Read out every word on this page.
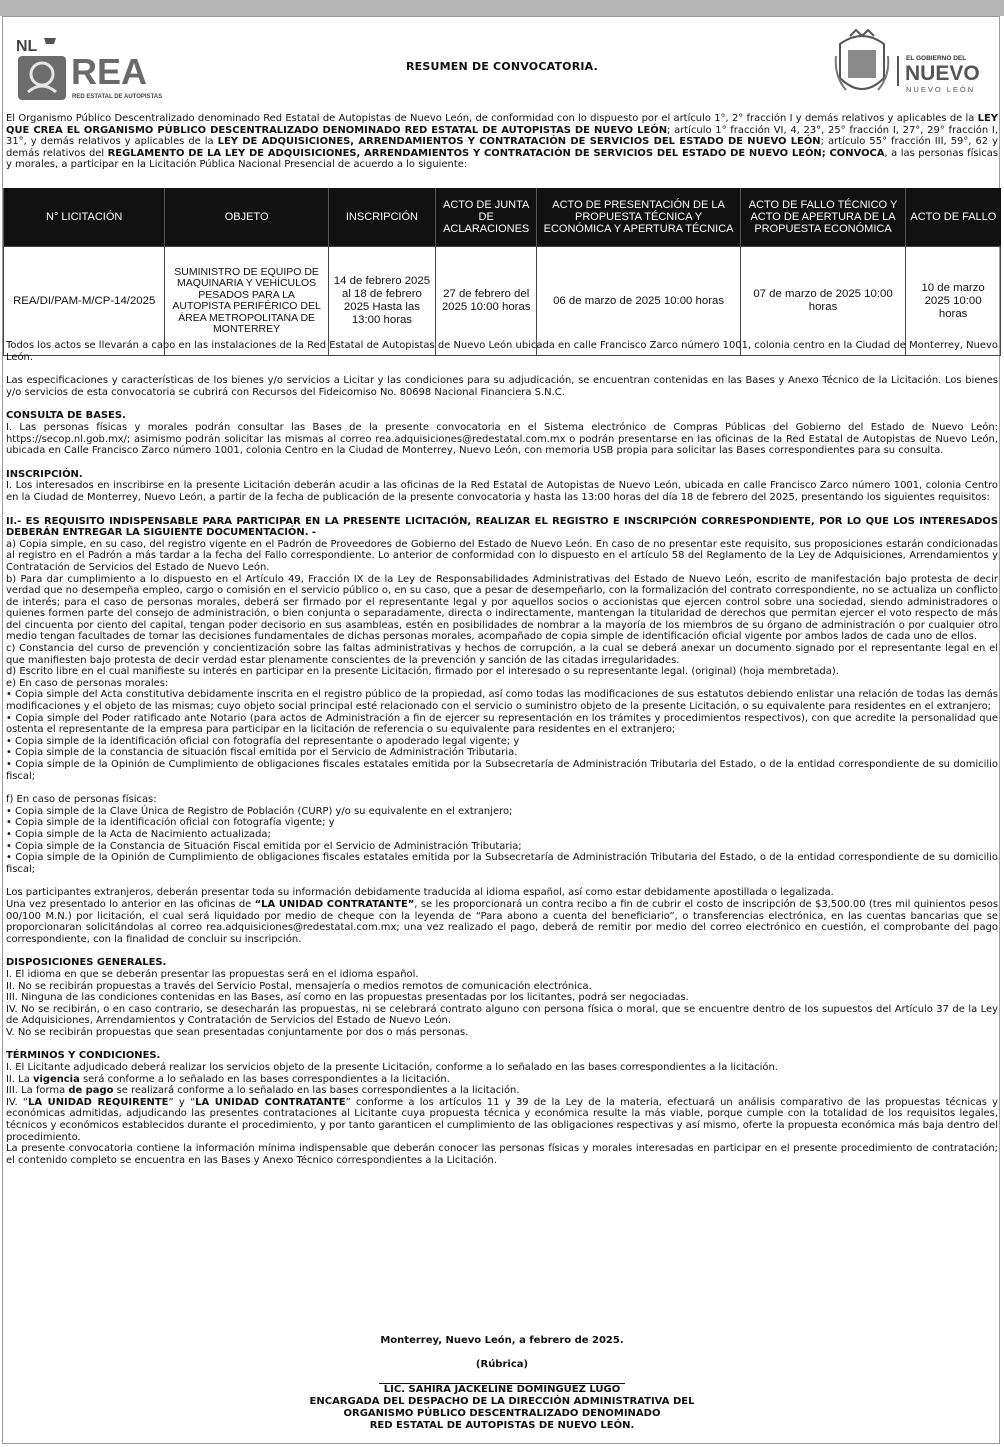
NL
REA
RED ESTATAL DE AUTOPISTAS
RESUMEN DE CONVOCATORIA.
EL GOBIERNO DEL
NUEVO
NUEVO LEÓN

El Organismo Público Descentralizado denominado Red Estatal de Autopistas de Nuevo León, de conformidad con lo dispuesto por el artículo 1°, 2° fracción I y demás relativos y aplicables de la LEY QUE CREA EL ORGANISMO PÚBLICO DESCENTRALIZADO DENOMINADO RED ESTATAL DE AUTOPISTAS DE NUEVO LEÓN; artículo 1° fracción VI, 4, 23°, 25° fracción I, 27°, 29° fracción I, 31°, y demás relativos y aplicables de la LEY DE ADQUISICIONES, ARRENDAMIENTOS Y CONTRATACIÓN DE SERVICIOS DEL ESTADO DE NUEVO LEÓN; artículo 55° fracción III, 59°, 62 y demás relativos del REGLAMENTO DE LA LEY DE ADQUISICIONES, ARRENDAMIENTOS Y CONTRATACIÓN DE SERVICIOS DEL ESTADO DE NUEVO LEÓN; CONVOCA, a las personas físicas y morales, a participar en la Licitación Pública Nacional Presencial de acuerdo a lo siguiente:

N° LICITACIÓN	OBJETO	INSCRIPCIÓN	ACTO DE JUNTA DE ACLARACIONES	ACTO DE PRESENTACIÓN DE LA PROPUESTA TÉCNICA Y ECONÓMICA Y APERTURA TÉCNICA	ACTO DE FALLO TÉCNICO Y ACTO DE APERTURA DE LA PROPUESTA ECONÓMICA	ACTO DE FALLO
REA/DI/PAM-M/CP-14/2025	SUMINISTRO DE EQUIPO DE MAQUINARIA Y VEHÍCULOS PESADOS PARA LA AUTOPISTA PERIFÉRICO DEL ÁREA METROPOLITANA DE MONTERREY	14 de febrero 2025 al 18 de febrero 2025 Hasta las 13:00 horas	27 de febrero del 2025 10:00 horas	06 de marzo de 2025 10:00 horas	07 de marzo de 2025 10:00 horas	10 de marzo 2025 10:00 horas

Todos los actos se llevarán a cabo en las instalaciones de la Red Estatal de Autopistas de Nuevo León ubicada en calle Francisco Zarco número 1001, colonia centro en la Ciudad de Monterrey, Nuevo León.

Las especificaciones y características de los bienes y/o servicios a Licitar y las condiciones para su adjudicación, se encuentran contenidas en las Bases y Anexo Técnico de la Licitación. Los bienes y/o servicios de esta convocatoria se cubrirá con Recursos del Fideicomiso No. 80698 Nacional Financiera S.N.C.

CONSULTA DE BASES.

I. Las personas físicas y morales podrán consultar las Bases de la presente convocatoria en el Sistema electrónico de Compras Públicas del Gobierno del Estado de Nuevo León: https://secop.nl.gob.mx/; asimismo podrán solicitar las mismas al correo rea.adquisiciones@redestatal.com.mx o podrán presentarse en las oficinas de la Red Estatal de Autopistas de Nuevo León, ubicada en Calle Francisco Zarco número 1001, colonia Centro en la Ciudad de Monterrey, Nuevo León, con memoria USB propia para solicitar las Bases correspondientes para su consulta.

INSCRIPCIÓN.

I. Los interesados en inscribirse en la presente Licitación deberán acudir a las oficinas de la Red Estatal de Autopistas de Nuevo León, ubicada en calle Francisco Zarco número 1001, colonia Centro en la Ciudad de Monterrey, Nuevo León, a partir de la fecha de publicación de la presente convocatoria y hasta las 13:00 horas del día 18 de febrero del 2025, presentando los siguientes requisitos:

II.- ES REQUISITO INDISPENSABLE PARA PARTICIPAR EN LA PRESENTE LICITACIÓN, REALIZAR EL REGISTRO E INSCRIPCIÓN CORRESPONDIENTE, POR LO QUE LOS INTERESADOS DEBERÁN ENTREGAR LA SIGUIENTE DOCUMENTACIÓN. -

a) Copia simple, en su caso, del registro vigente en el Padrón de Proveedores de Gobierno del Estado de Nuevo León. En caso de no presentar este requisito, sus proposiciones estarán condicionadas al registro en el Padrón a más tardar a la fecha del Fallo correspondiente. Lo anterior de conformidad con lo dispuesto en el artículo 58 del Reglamento de la Ley de Adquisiciones, Arrendamientos y Contratación de Servicios del Estado de Nuevo León.

b) Para dar cumplimiento a lo dispuesto en el Artículo 49, Fracción IX de la Ley de Responsabilidades Administrativas del Estado de Nuevo León, escrito de manifestación bajo protesta de decir verdad que no desempeña empleo, cargo o comisión en el servicio público o, en su caso, que a pesar de desempeñarlo, con la formalización del contrato correspondiente, no se actualiza un conflicto de interés; para el caso de personas morales, deberá ser firmado por el representante legal y por aquellos socios o accionistas que ejercen control sobre una sociedad, siendo administradores o quienes formen parte del consejo de administración, o bien conjunta o separadamente, directa o indirectamente, mantengan la titularidad de derechos que permitan ejercer el voto respecto de más del cincuenta por ciento del capital, tengan poder decisorio en sus asambleas, estén en posibilidades de nombrar a la mayoría de los miembros de su órgano de administración o por cualquier otro medio tengan facultades de tomar las decisiones fundamentales de dichas personas morales, acompañado de copia simple de identificación oficial vigente por ambos lados de cada uno de ellos.

c) Constancia del curso de prevención y concientización sobre las faltas administrativas y hechos de corrupción, a la cual se deberá anexar un documento signado por el representante legal en el que manifiesten bajo protesta de decir verdad estar plenamente conscientes de la prevención y sanción de las citadas irregularidades.

d) Escrito libre en el cual manifieste su interés en participar en la presente Licitación, firmado por el interesado o su representante legal. (original) (hoja membretada).

e) En caso de personas morales:

• Copia simple del Acta constitutiva debidamente inscrita en el registro público de la propiedad, así como todas las modificaciones de sus estatutos debiendo enlistar una relación de todas las demás modificaciones y el objeto de las mismas; cuyo objeto social principal esté relacionado con el servicio o suministro objeto de la presente Licitación, o su equivalente para residentes en el extranjero;

• Copia simple del Poder ratificado ante Notario (para actos de Administración a fin de ejercer su representación en los trámites y procedimientos respectivos), con que acredite la personalidad que ostenta el representante de la empresa para participar en la licitación de referencia o su equivalente para residentes en el extranjero;

• Copia simple de la identificación oficial con fotografía del representante o apoderado legal vigente; y

• Copia simple de la constancia de situación fiscal emitida por el Servicio de Administración Tributaria.

• Copia simple de la Opinión de Cumplimiento de obligaciones fiscales estatales emitida por la Subsecretaría de Administración Tributaria del Estado, o de la entidad correspondiente de su domicilio fiscal;

f) En caso de personas físicas:

• Copia simple de la Clave Única de Registro de Población (CURP) y/o su equivalente en el extranjero;

• Copia simple de la identificación oficial con fotografía vigente; y

• Copia simple de la Acta de Nacimiento actualizada;

• Copia simple de la Constancia de Situación Fiscal emitida por el Servicio de Administración Tributaria;

• Copia simple de la Opinión de Cumplimiento de obligaciones fiscales estatales emitida por la Subsecretaría de Administración Tributaria del Estado, o de la entidad correspondiente de su domicilio fiscal;

Los participantes extranjeros, deberán presentar toda su información debidamente traducida al idioma español, así como estar debidamente apostillada o legalizada.

Una vez presentado lo anterior en las oficinas de “LA UNIDAD CONTRATANTE”, se les proporcionará un contra recibo a fin de cubrir el costo de inscripción de $3,500.00 (tres mil quinientos pesos 00/100 M.N.) por licitación, el cual será liquidado por medio de cheque con la leyenda de “Para abono a cuenta del beneficiario”, o transferencias electrónica, en las cuentas bancarias que se proporcionaran solicitándolas al correo rea.adquisiciones@redestatal.com.mx; una vez realizado el pago, deberá de remitir por medio del correo electrónico en cuestión, el comprobante del pago correspondiente, con la finalidad de concluir su inscripción.

DISPOSICIONES GENERALES.

I. El idioma en que se deberán presentar las propuestas será en el idioma español.

II. No se recibirán propuestas a través del Servicio Postal, mensajería o medios remotos de comunicación electrónica.

III. Ninguna de las condiciones contenidas en las Bases, así como en las propuestas presentadas por los licitantes, podrá ser negociadas.

IV. No se recibirán, o en caso contrario, se desecharán las propuestas, ni se celebrará contrato alguno con persona física o moral, que se encuentre dentro de los supuestos del Artículo 37 de la Ley de Adquisiciones, Arrendamientos y Contratación de Servicios del Estado de Nuevo León.

V. No se recibirán propuestas que sean presentadas conjuntamente por dos o más personas.

TÉRMINOS Y CONDICIONES.

I. El Licitante adjudicado deberá realizar los servicios objeto de la presente Licitación, conforme a lo señalado en las bases correspondientes a la licitación.

II. La vigencia será conforme a lo señalado en las bases correspondientes a la licitación.

III. La forma de pago se realizará conforme a lo señalado en las bases correspondientes a la licitación.

IV. “LA UNIDAD REQUIRENTE” y “LA UNIDAD CONTRATANTE” conforme a los artículos 11 y 39 de la Ley de la materia, efectuará un análisis comparativo de las propuestas técnicas y económicas admitidas, adjudicando las presentes contrataciones al Licitante cuya propuesta técnica y económica resulte la más viable, porque cumple con la totalidad de los requisitos legales, técnicos y económicos establecidos durante el procedimiento, y por tanto garanticen el cumplimiento de las obligaciones respectivas y así mismo, oferte la propuesta económica más baja dentro del procedimiento.

La presente convocatoria contiene la información mínima indispensable que deberán conocer las personas físicas y morales interesadas en participar en el presente procedimiento de contratación; el contenido completo se encuentra en las Bases y Anexo Técnico correspondientes a la Licitación.

Monterrey, Nuevo León, a febrero de 2025.
(Rúbrica)
LIC. SAHIRA JACKELINE DOMINGUEZ LUGO
ENCARGADA DEL DESPACHO DE LA DIRECCIÓN ADMINISTRATIVA DEL
ORGANISMO PÚBLICO DESCENTRALIZADO DENOMINADO
RED ESTATAL DE AUTOPISTAS DE NUEVO LEÓN.
